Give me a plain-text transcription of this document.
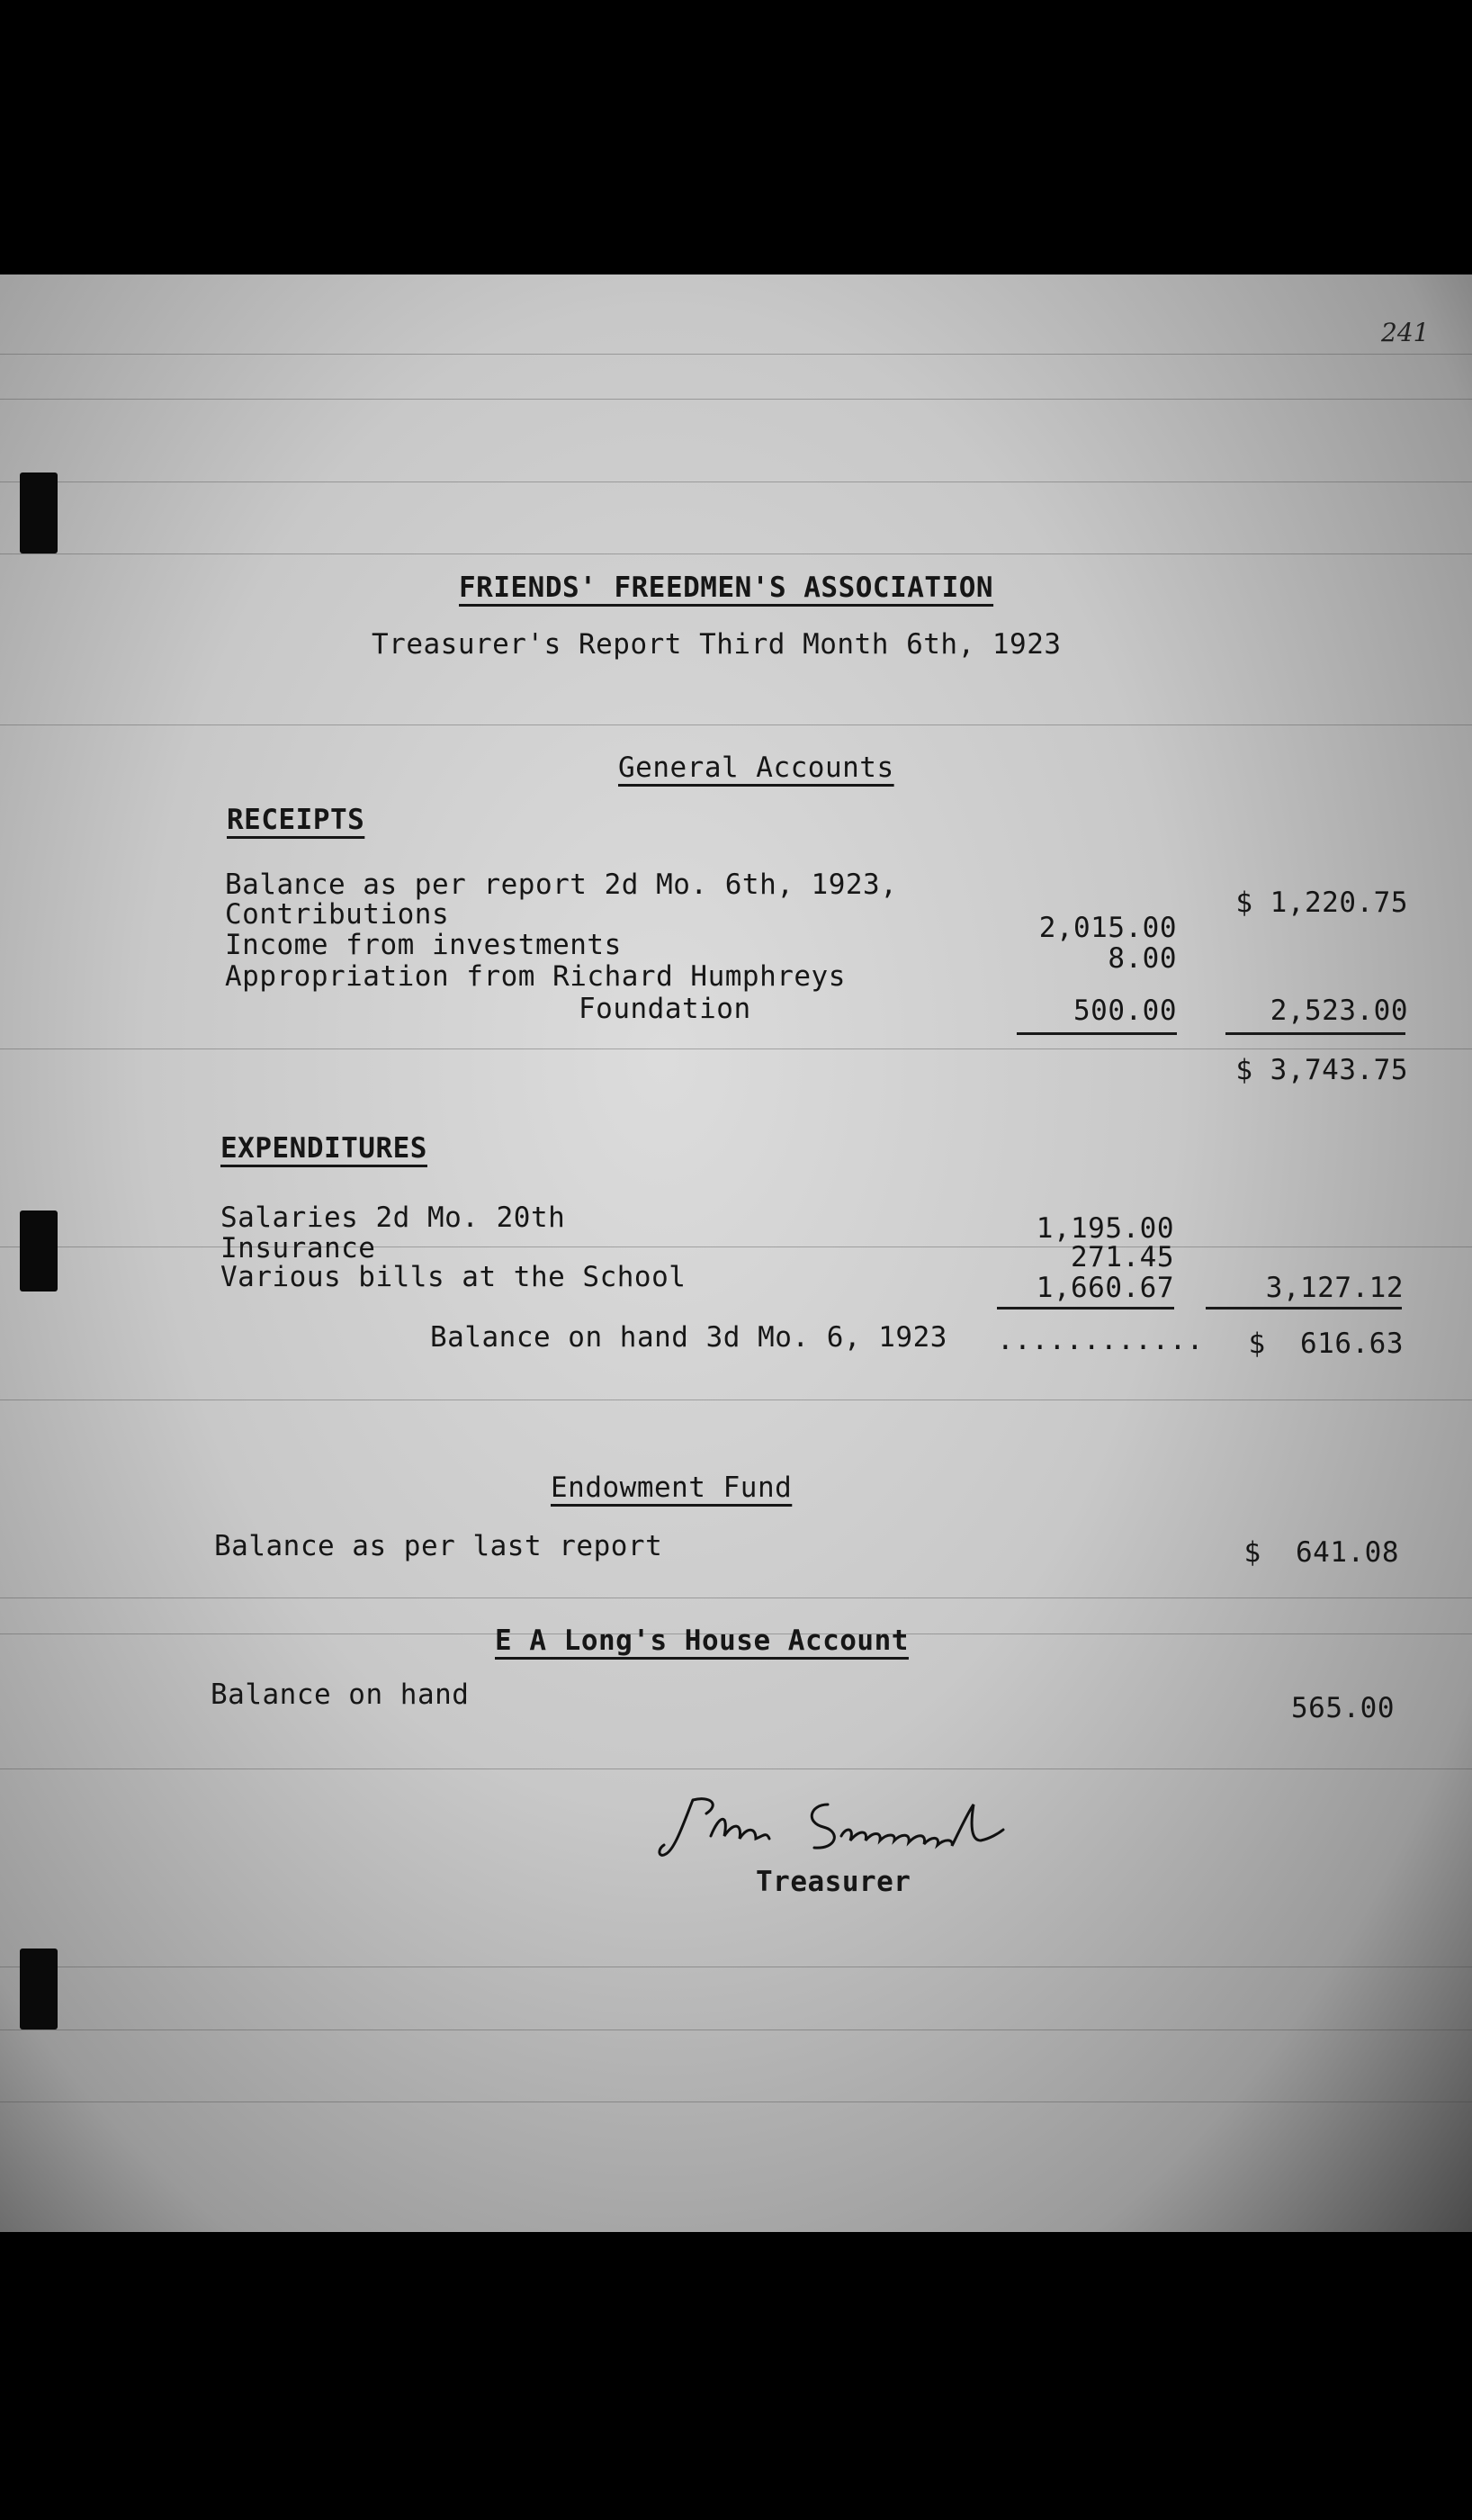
241
FRIENDS' FREEDMEN'S ASSOCIATION
Treasurer's Report Third Month 6th, 1923
General Accounts
RECEIPTS
Balance as per report 2d Mo. 6th, 1923,
$ 1,220.75
Contributions	2,015.00
Income from investments	8.00
Appropriation from Richard Humphreys
Foundation	500.00	2,523.00
$ 3,743.75
EXPENDITURES
Salaries 2d Mo. 20th	1,195.00
Insurance	271.45
Various bills at the School	1,660.67	3,127.12
Balance on hand 3d Mo. 6, 1923 ............	$  616.63
Endowment Fund
Balance as per last report	$  641.08
E A Long's House Account
Balance on hand	565.00
Treasurer
